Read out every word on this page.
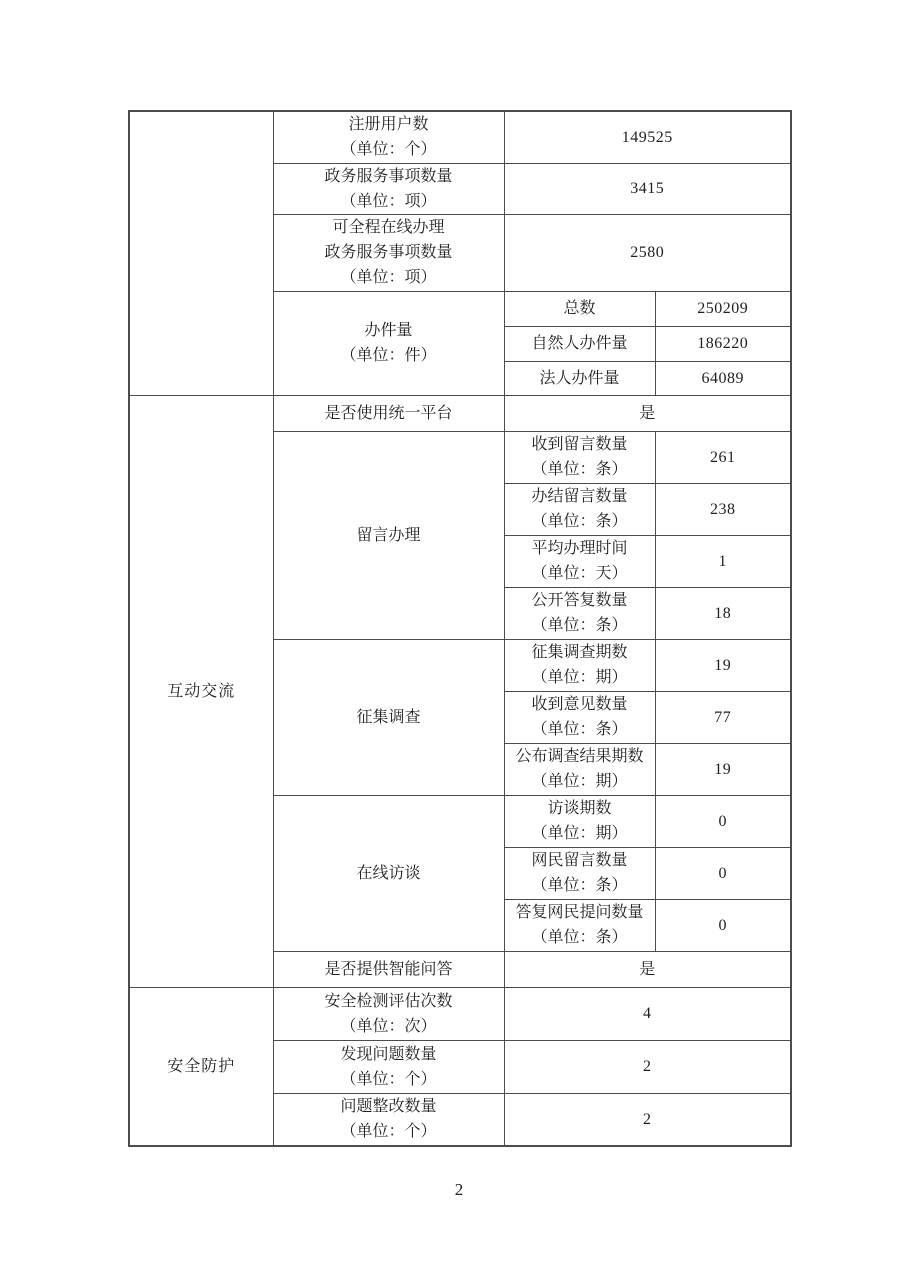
	注册用户数
（单位：个）	149525	

	政务服务事项数量
（单位：项）	3415	

	可全程在线办理
政务服务事项数量
（单位：项）	2580	

	办件量
（单位：件）	总数	250209
		自然人办件量	186220
		法人办件量	64089
互动交流	是否使用统一平台	是	
	留言办理	收到留言数量
（单位：条）	261

		办结留言数量
（单位：条）	238

		平均办理时间
（单位：天）	1

		公开答复数量
（单位：条）	18
	征集调查	征集调查期数
（单位：期）	19

		收到意见数量
（单位：条）	77

		公布调查结果期数
（单位：期）	19
	在线访谈	访谈期数
（单位：期）	0

		网民留言数量
（单位：条）	0

		答复网民提问数量
（单位：条）	0
	是否提供智能问答	是	
安全防护	安全检测评估次数
（单位：次）	4	

	发现问题数量
（单位：个）	2	

	问题整改数量
（单位：个）	2	
2
